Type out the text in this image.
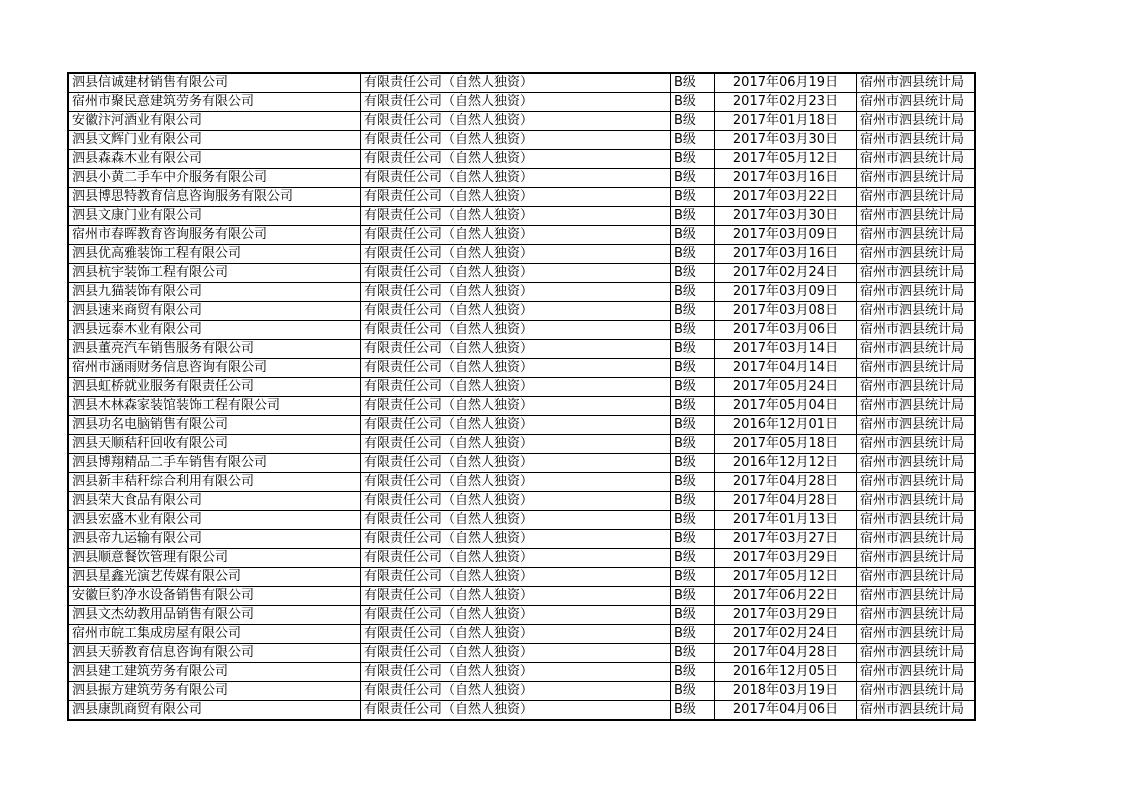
泗县信诚建材销售有限公司	有限责任公司（自然人独资）	B级	2017年06月19日	宿州市泗县统计局
宿州市聚民意建筑劳务有限公司	有限责任公司（自然人独资）	B级	2017年02月23日	宿州市泗县统计局
安徽汴河酒业有限公司	有限责任公司（自然人独资）	B级	2017年01月18日	宿州市泗县统计局
泗县文辉门业有限公司	有限责任公司（自然人独资）	B级	2017年03月30日	宿州市泗县统计局
泗县森森木业有限公司	有限责任公司（自然人独资）	B级	2017年05月12日	宿州市泗县统计局
泗县小黄二手车中介服务有限公司	有限责任公司（自然人独资）	B级	2017年03月16日	宿州市泗县统计局
泗县博思特教育信息咨询服务有限公司	有限责任公司（自然人独资）	B级	2017年03月22日	宿州市泗县统计局
泗县文康门业有限公司	有限责任公司（自然人独资）	B级	2017年03月30日	宿州市泗县统计局
宿州市春晖教育咨询服务有限公司	有限责任公司（自然人独资）	B级	2017年03月09日	宿州市泗县统计局
泗县优高雅装饰工程有限公司	有限责任公司（自然人独资）	B级	2017年03月16日	宿州市泗县统计局
泗县杭宇装饰工程有限公司	有限责任公司（自然人独资）	B级	2017年02月24日	宿州市泗县统计局
泗县九猫装饰有限公司	有限责任公司（自然人独资）	B级	2017年03月09日	宿州市泗县统计局
泗县速来商贸有限公司	有限责任公司（自然人独资）	B级	2017年03月08日	宿州市泗县统计局
泗县远泰木业有限公司	有限责任公司（自然人独资）	B级	2017年03月06日	宿州市泗县统计局
泗县董亮汽车销售服务有限公司	有限责任公司（自然人独资）	B级	2017年03月14日	宿州市泗县统计局
宿州市涵雨财务信息咨询有限公司	有限责任公司（自然人独资）	B级	2017年04月14日	宿州市泗县统计局
泗县虹桥就业服务有限责任公司	有限责任公司（自然人独资）	B级	2017年05月24日	宿州市泗县统计局
泗县木林森家装馆装饰工程有限公司	有限责任公司（自然人独资）	B级	2017年05月04日	宿州市泗县统计局
泗县功名电脑销售有限公司	有限责任公司（自然人独资）	B级	2016年12月01日	宿州市泗县统计局
泗县天顺秸秆回收有限公司	有限责任公司（自然人独资）	B级	2017年05月18日	宿州市泗县统计局
泗县博翔精品二手车销售有限公司	有限责任公司（自然人独资）	B级	2016年12月12日	宿州市泗县统计局
泗县新丰秸秆综合利用有限公司	有限责任公司（自然人独资）	B级	2017年04月28日	宿州市泗县统计局
泗县荣大食品有限公司	有限责任公司（自然人独资）	B级	2017年04月28日	宿州市泗县统计局
泗县宏盛木业有限公司	有限责任公司（自然人独资）	B级	2017年01月13日	宿州市泗县统计局
泗县帝九运输有限公司	有限责任公司（自然人独资）	B级	2017年03月27日	宿州市泗县统计局
泗县顺意餐饮管理有限公司	有限责任公司（自然人独资）	B级	2017年03月29日	宿州市泗县统计局
泗县星鑫光演艺传媒有限公司	有限责任公司（自然人独资）	B级	2017年05月12日	宿州市泗县统计局
安徽巨豹净水设备销售有限公司	有限责任公司（自然人独资）	B级	2017年06月22日	宿州市泗县统计局
泗县文杰幼教用品销售有限公司	有限责任公司（自然人独资）	B级	2017年03月29日	宿州市泗县统计局
宿州市皖工集成房屋有限公司	有限责任公司（自然人独资）	B级	2017年02月24日	宿州市泗县统计局
泗县天骄教育信息咨询有限公司	有限责任公司（自然人独资）	B级	2017年04月28日	宿州市泗县统计局
泗县建工建筑劳务有限公司	有限责任公司（自然人独资）	B级	2016年12月05日	宿州市泗县统计局
泗县振方建筑劳务有限公司	有限责任公司（自然人独资）	B级	2018年03月19日	宿州市泗县统计局
泗县康凯商贸有限公司	有限责任公司（自然人独资）	B级	2017年04月06日	宿州市泗县统计局
